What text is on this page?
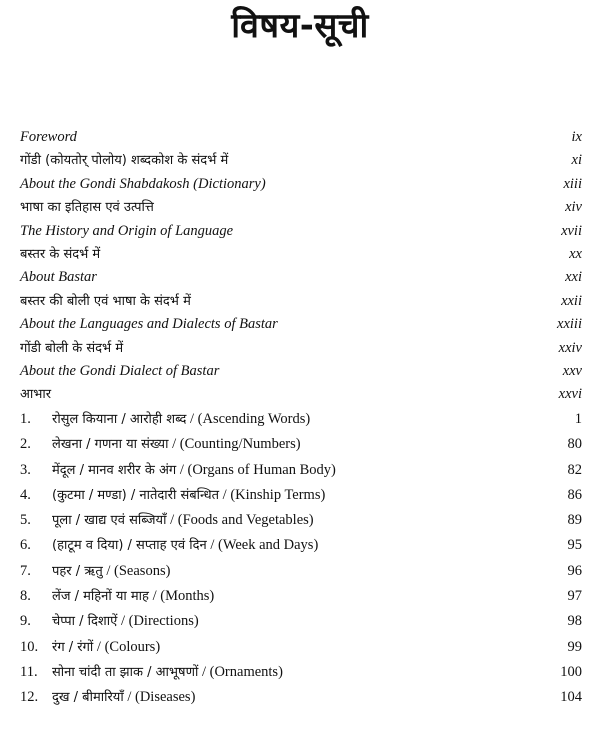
विषय-सूची
Foreword	ix
गोंडी (कोयतोर् पोलोय) शब्दकोश के संदर्भ में	xi
About the Gondi Shabdakosh (Dictionary)	xiii
भाषा का इतिहास एवं उत्पत्ति	xiv
The History and Origin of Language	xvii
बस्तर के संदर्भ में	xx
About Bastar	xxi
बस्तर की बोली एवं भाषा के संदर्भ में	xxii
About the Languages and Dialects of Bastar	xxiii
गोंडी बोली के संदर्भ में	xxiv
About the Gondi Dialect of Bastar	xxv
आभार	xxvi
1.	रोसुल कियाना / आरोही शब्द / (Ascending Words)	1
2.	लेखना / गणना या संख्या / (Counting/Numbers)	80
3.	मेंदूल / मानव शरीर के अंग / (Organs of Human Body)	82
4.	(कुटमा / मण्डा) / नातेदारी संबन्धित / (Kinship Terms)	86
5.	पूला / खाद्य एवं सब्जियाँ / (Foods and Vegetables)	89
6.	(हाटूम व दिया) / सप्ताह एवं दिन / (Week and Days)	95
7.	पहर / ऋतु / (Seasons)	96
8.	लेंज / महिनों या माह / (Months)	97
9.	चेप्पा / दिशाऐं / (Directions)	98
10.	रंग / रंगों / (Colours)	99
11.	सोना चांदी ता झाक / आभूषणों / (Ornaments)	100
12.	दुख / बीमारियाँ / (Diseases)	104
